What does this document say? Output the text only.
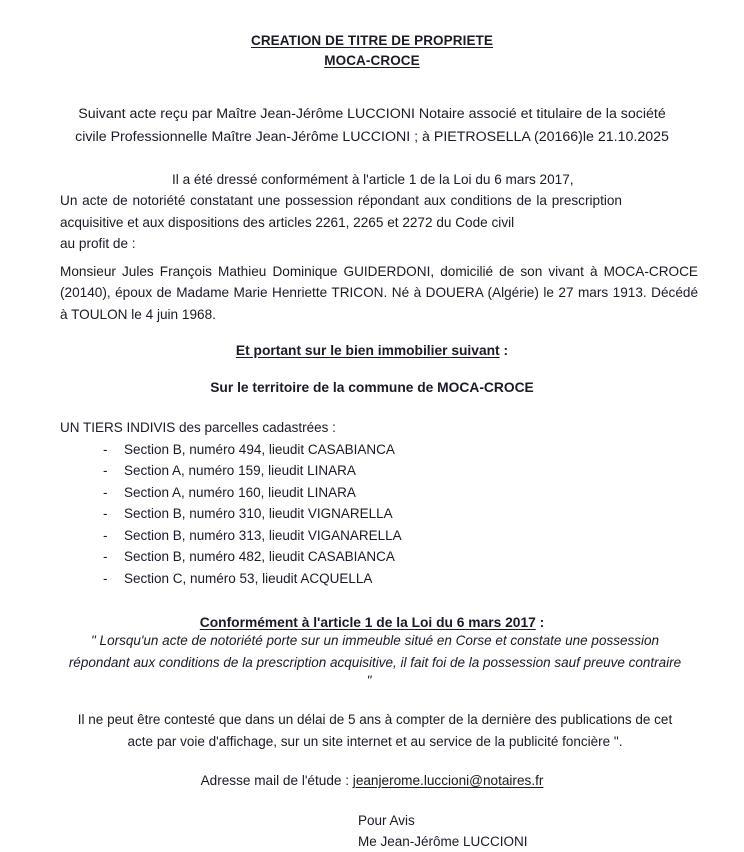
CREATION DE TITRE DE PROPRIETE
MOCA-CROCE

Suivant acte reçu par Maître Jean-Jérôme LUCCIONI Notaire associé et titulaire de la société
civile Professionnelle Maître Jean-Jérôme LUCCIONI ; à PIETROSELLA (20166)le 21.10.2025

Il a été dressé conformément à l'article 1 de la Loi du 6 mars 2017,

Un acte de notoriété constatant une possession répondant aux conditions de la prescription acquisitive et aux dispositions des articles 2261, 2265 et 2272 du Code civil

au profit de :

Monsieur Jules François Mathieu Dominique GUIDERDONI, domicilié de son vivant à MOCA-CROCE (20140), époux de Madame Marie Henriette TRICON. Né à DOUERA (Algérie) le 27 mars 1913. Décédé à TOULON le 4 juin 1968.

Et portant sur le bien immobilier suivant :

Sur le territoire de la commune de MOCA-CROCE

UN TIERS INDIVIS des parcelles cadastrées :

-	Section B, numéro 494, lieudit CASABIANCA
-	Section A, numéro 159, lieudit LINARA
-	Section A, numéro 160, lieudit LINARA
-	Section B, numéro 310, lieudit VIGNARELLA
-	Section B, numéro 313, lieudit VIGANARELLA
-	Section B, numéro 482, lieudit CASABIANCA
-	Section C, numéro 53, lieudit ACQUELLA

Conformément à l'article 1 de la Loi du 6 mars 2017 :

" Lorsqu'un acte de notoriété porte sur un immeuble situé en Corse et constate une possession
répondant aux conditions de la prescription acquisitive, il fait foi de la possession sauf preuve contraire

"

Il ne peut être contesté que dans un délai de 5 ans à compter de la dernière des publications de cet
acte par voie d'affichage, sur un site internet et au service de la publicité foncière ".

Adresse mail de l'étude : jeanjerome.luccioni@notaires.fr

Pour Avis

Me Jean-Jérôme LUCCIONI
